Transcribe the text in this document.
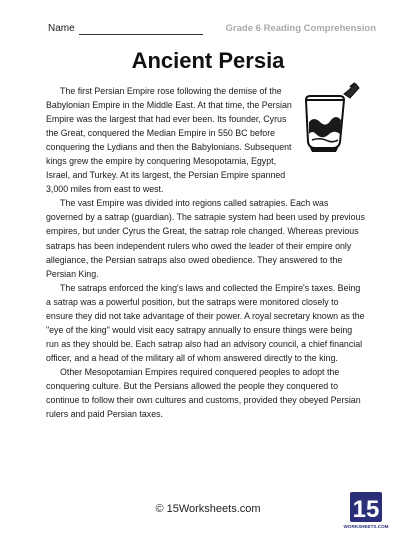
Name	Grade 6 Reading Comprehension
Ancient Persia

The first Persian Empire rose following the demise of the Babylonian Empire in the Middle East. At that time, the Persian Empire was the largest that had ever been. Its founder, Cyrus the Great, conquered the Median Empire in 550 BC before conquering the Lydians and then the Babylonians. Subsequent kings grew the empire by conquering Mesopotamia, Egypt, Israel, and Turkey. At its largest, the Persian Empire spanned 3,000 miles from east to west.

The vast Empire was divided into regions called satrapies. Each was governed by a satrap (guardian). The satrapie system had been used by previous empires, but under Cyrus the Great, the satrap role changed. Whereas previous satraps has been independent rulers who owed the leader of their empire only allegiance, the Persian satraps also owed obedience. They answered to the Persian King.

The satraps enforced the king's laws and collected the Empire's taxes. Being a satrap was a powerful position, but the satraps were monitored closely to ensure they did not take advantage of their power. A royal secretary known as the "eye of the king" would visit eacy satrapy annually to ensure things were being run as they should be. Each satrap also had an advisory council, a chief financial officer, and a head of the military all of whom answered directly to the king.

Other Mesopotamian Empires required conquered peoples to adopt the conquering culture. But the Persians allowed the people they conquered to continue to follow their own cultures and customs, provided they obeyed Persian rulers and paid Persian taxes.

© 15Worksheets.com	15
WORKSHEETS.COM
